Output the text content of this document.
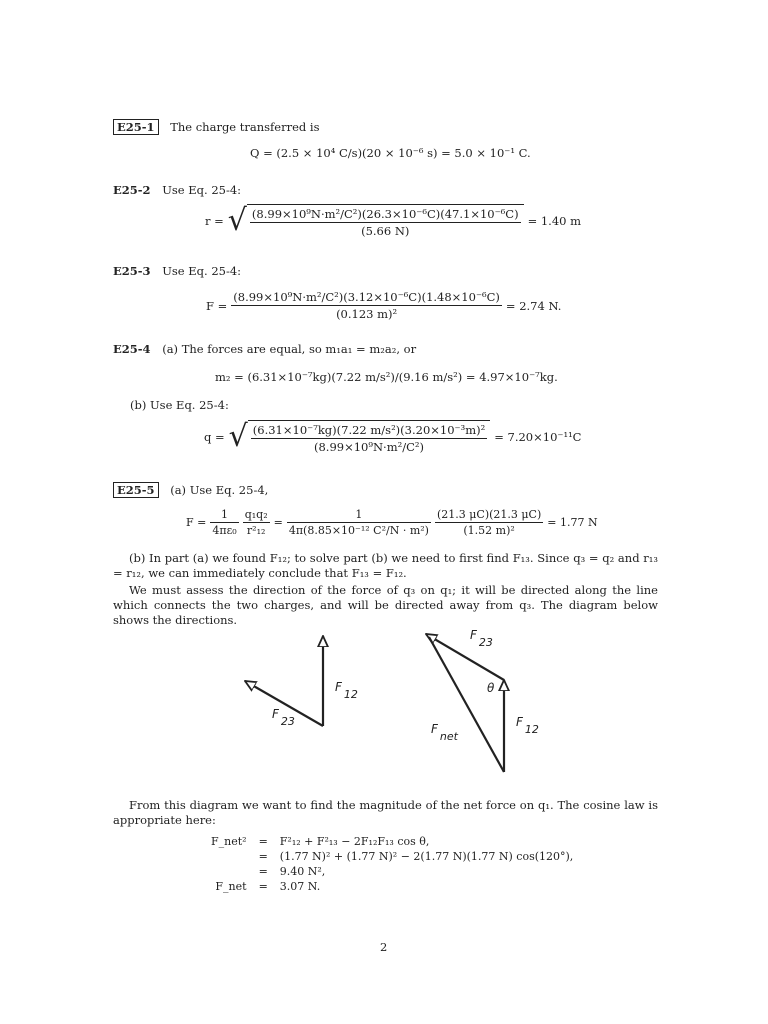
E25-1 The charge transferred is
Q = (2.5 × 10⁴ C/s)(20 × 10⁻⁶ s) = 5.0 × 10⁻¹ C.
E25-2 Use Eq. 25-4:
r = √ $\frac{\text{(8.99×10⁹N·m²/C²)(26.3×10⁻⁶C)(47.1×10⁻⁶C)}}{(5.66 N)} = 1.40$ m
E25-3 Use Eq. 25-4:
$F = \frac{\text{(8.99×10⁹N·m²/C²)(3.12×10⁻⁶C)(1.48×10⁻⁶C)}}{\text{(0.123 m)²}} = 2.74$ N.
E25-4 (a) The forces are equal, so m₁a₁ = m₂a₂, or
m₂ = (6.31×10⁻⁷kg)(7.22 m/s²)/(9.16 m/s²) = 4.97×10⁻⁷kg.
(b) Use Eq. 25-4:
q = √ $\frac{\text{(6.31×10⁻⁷kg)(7.22 m/s²)(3.20×10⁻³m)²}}{\text{(8.99×10⁹N·m²/C²)}} = 7.20\times 10^{-11}C$
E25-5 (a) Use Eq. 25-4,
$F = \frac{1}{\text{4πε₀}} \frac{\text{q₁q₂}}{\text{r²₁₂}} = \frac{1}{\text{4π(8.85×10⁻¹² C²/N · m²)}} \frac{(21.3 \mu C)(21.3 \mu C)}{\text{(1.52 m)²}} = 1.77$ N
(b) In part (a) we found F₁₂; to solve part (b) we need to first find F₁₃. Since q₃ = q₂ and r₁₃ = r₁₂, we can immediately conclude that F₁₃ = F₁₂.
We must assess the direction of the force of q₃ on q₁; it will be directed along the line which connects the two charges, and will be directed away from q₃. The diagram below shows the directions.
F12
F23
F23
θ
Fnet
F12
From this diagram we want to find the magnitude of the net force on q₁. The cosine law is appropriate here:
F_net²	=	F²₁₂ + F²₁₃ − 2F₁₂F₁₃ cos θ,
	=	(1.77 N)² + (1.77 N)² − 2(1.77 N)(1.77 N) cos(120°),
	=	9.40 N²,
F_net	=	3.07 N.
2
